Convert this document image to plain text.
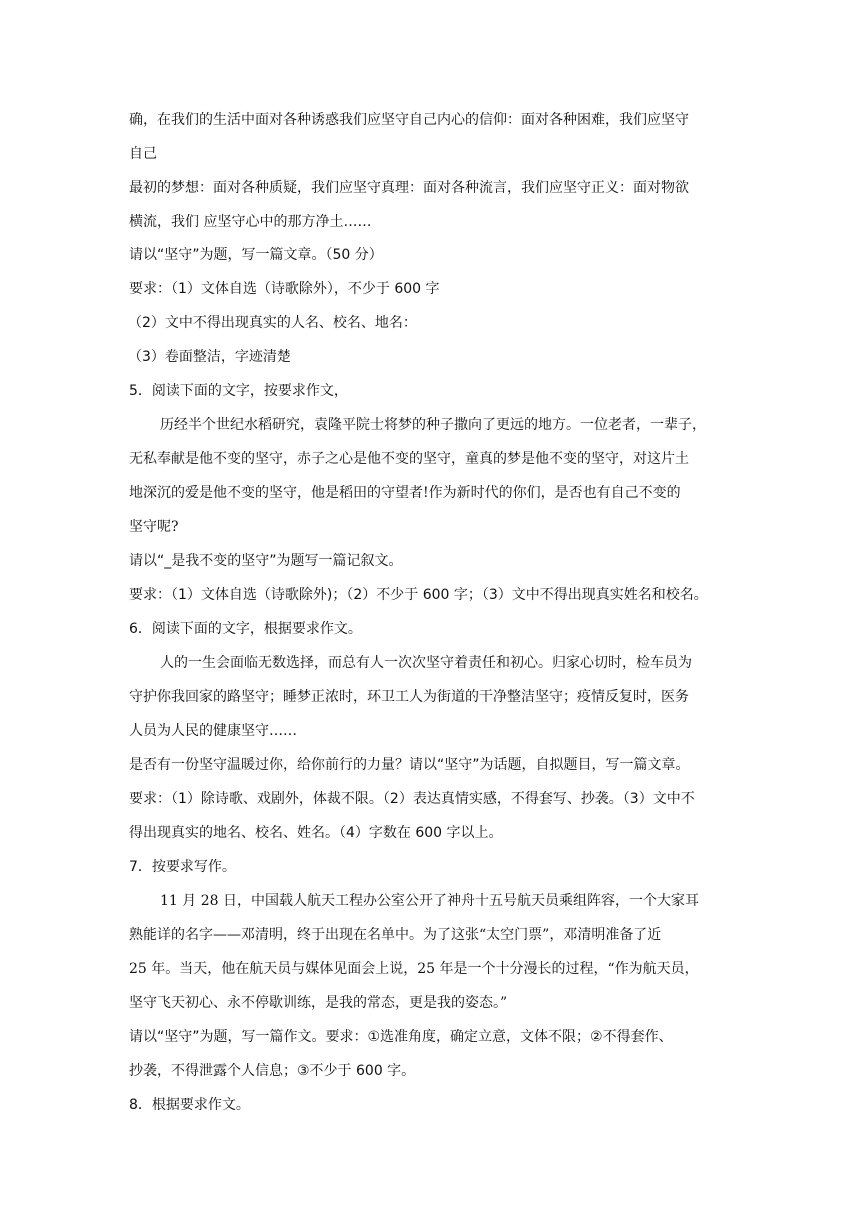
确，在我们的生活中面对各种诱惑我们应坚守自己内心的信仰：面对各种困难，我们应坚守
自己
最初的梦想：面对各种质疑，我们应坚守真理：面对各种流言，我们应坚守正义：面对物欲
横流，我们 应坚守心中的那方净土……
请以“坚守”为题，写一篇文章。（50 分）
要求：（1）文体自选（诗歌除外），不少于 600 字
（2）文中不得出现真实的人名、校名、地名：
（3）卷面整洁，字迹清楚
5．阅读下面的文字，按要求作文，
历经半个世纪水稻研究，袁隆平院士将梦的种子撒向了更远的地方。一位老者，一辈子，
无私奉献是他不变的坚守，赤子之心是他不变的坚守，童真的梦是他不变的坚守，对这片土
地深沉的爱是他不变的坚守，他是稻田的守望者!作为新时代的你们，是否也有自己不变的
坚守呢?
请以“_是我不变的坚守”为题写一篇记叙文。
要求：（1）文体自选（诗歌除外)；（2）不少于 600 字；（3）文中不得出现真实姓名和校名。
6．阅读下面的文字，根据要求作文。
人的一生会面临无数选择，而总有人一次次坚守着责任和初心。归家心切时，检车员为
守护你我回家的路坚守；睡梦正浓时，环卫工人为街道的干净整洁坚守；疫情反复时，医务
人员为人民的健康坚守……
是否有一份坚守温暖过你，给你前行的力量？请以“坚守”为话题，自拟题目，写一篇文章。
要求：（1）除诗歌、戏剧外，体裁不限。（2）表达真情实感，不得套写、抄袭。（3）文中不
得出现真实的地名、校名、姓名。（4）字数在 600 字以上。
7．按要求写作。
11 月 28 日，中国载人航天工程办公室公开了神舟十五号航天员乘组阵容，一个大家耳
熟能详的名字——邓清明，终于出现在名单中。为了这张“太空门票”，邓清明准备了近
25 年。当天，他在航天员与媒体见面会上说，25 年是一个十分漫长的过程，“作为航天员，
坚守飞天初心、永不停歇训练，是我的常态，更是我的姿态。”
请以“坚守”为题，写一篇作文。要求：①选准角度，确定立意，文体不限；②不得套作、
抄袭，不得泄露个人信息；③不少于 600 字。
8．根据要求作文。
